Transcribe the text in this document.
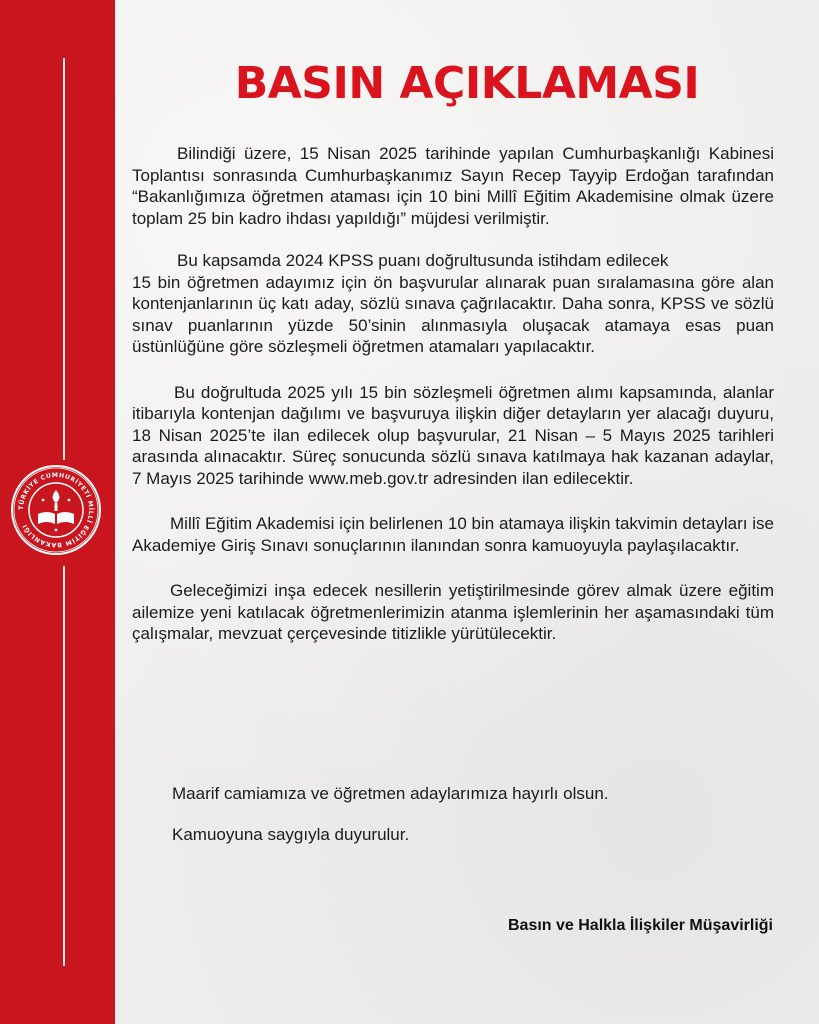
TÜRKİYE CUMHURİYETİ MİLLÎ EĞİTİM BAKANLIĞI
BASIN AÇIKLAMASI

Bilindiği üzere, 15 Nisan 2025 tarihinde yapılan Cumhurbaşkanlığı Kabinesi Toplantısı sonrasında Cumhurbaşkanımız Sayın Recep Tayyip Erdoğan tarafından “Bakanlığımıza öğretmen ataması için 10 bini Millî Eğitim Akademisine olmak üzere toplam 25 bin kadro ihdası yapıldığı” müjdesi verilmiştir.

Bu kapsamda 2024 KPSS puanı doğrultusunda istihdam edilecek
15 bin öğretmen adayımız için ön başvurular alınarak puan sıralamasına göre alan kontenjanlarının üç katı aday, sözlü sınava çağrılacaktır. Daha sonra, KPSS ve sözlü sınav puanlarının yüzde 50’sinin alınmasıyla oluşacak atamaya esas puan üstünlüğüne göre sözleşmeli öğretmen atamaları yapılacaktır.

Bu doğrultuda 2025 yılı 15 bin sözleşmeli öğretmen alımı kapsamında, alanlar itibarıyla kontenjan dağılımı ve başvuruya ilişkin diğer detayların yer alacağı duyuru, 18 Nisan 2025’te ilan edilecek olup başvurular, 21 Nisan – 5 Mayıs 2025 tarihleri arasında alınacaktır. Süreç sonucunda sözlü sınava katılmaya hak kazanan adaylar, 7 Mayıs 2025 tarihinde www.meb.gov.tr adresinden ilan edilecektir.

Millî Eğitim Akademisi için belirlenen 10 bin atamaya ilişkin takvimin detayları ise Akademiye Giriş Sınavı sonuçlarının ilanından sonra kamuoyuyla paylaşılacaktır.

Geleceğimizi inşa edecek nesillerin yetiştirilmesinde görev almak üzere eğitim ailemize yeni katılacak öğretmenlerimizin atanma işlemlerinin her aşamasındaki tüm çalışmalar, mevzuat çerçevesinde titizlikle yürütülecektir.

Maarif camiamıza ve öğretmen adaylarımıza hayırlı olsun.

Kamuoyuna saygıyla duyurulur.

Basın ve Halkla İlişkiler Müşavirliği
